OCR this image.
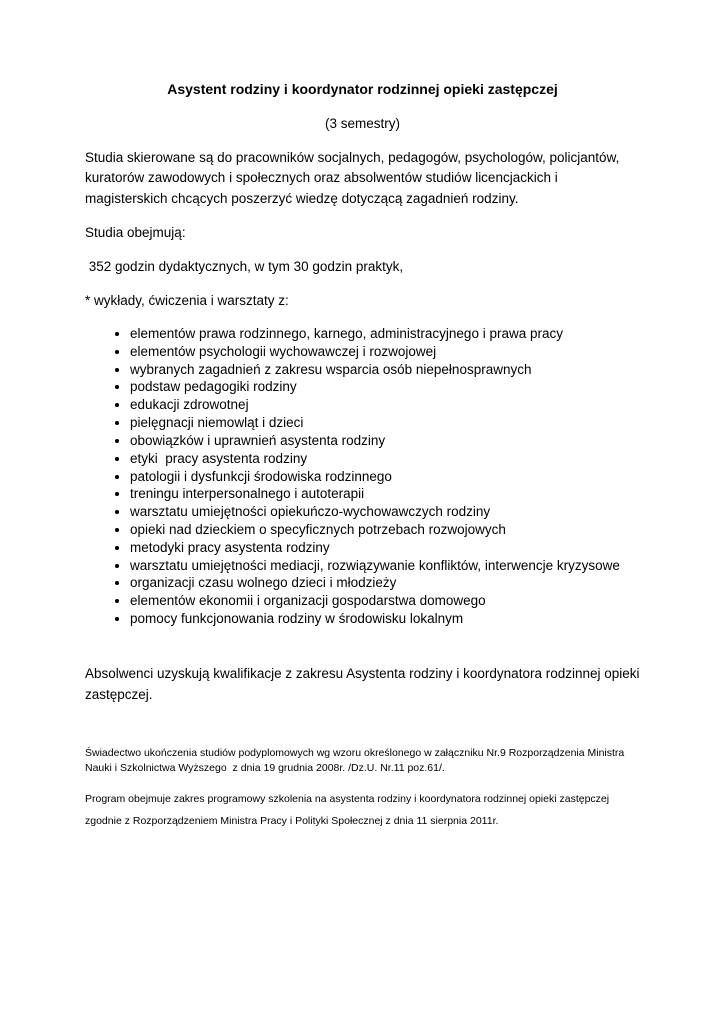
Asystent rodziny i koordynator rodzinnej opieki zastępczej

(3 semestry)

Studia skierowane są do pracowników socjalnych, pedagogów, psychologów, policjantów, kuratorów zawodowych i społecznych oraz absolwentów studiów licencjackich i magisterskich chcących poszerzyć wiedzę dotyczącą zagadnień rodziny.

Studia obejmują:

352 godzin dydaktycznych, w tym 30 godzin praktyk,

* wykłady, ćwiczenia i warsztaty z:

• elementów prawa rodzinnego, karnego, administracyjnego i prawa pracy
• elementów psychologii wychowawczej i rozwojowej
• wybranych zagadnień z zakresu wsparcia osób niepełnosprawnych
• podstaw pedagogiki rodziny
• edukacji zdrowotnej
• pielęgnacji niemowląt i dzieci
• obowiązków i uprawnień asystenta rodziny
• etyki  pracy asystenta rodziny
• patologii i dysfunkcji środowiska rodzinnego
• treningu interpersonalnego i autoterapii
• warsztatu umiejętności opiekuńczo-wychowawczych rodziny
• opieki nad dzieckiem o specyficznych potrzebach rozwojowych
• metodyki pracy asystenta rodziny
• warsztatu umiejętności mediacji, rozwiązywanie konfliktów, interwencje kryzysowe
• organizacji czasu wolnego dzieci i młodzieży
• elementów ekonomii i organizacji gospodarstwa domowego
• pomocy funkcjonowania rodziny w środowisku lokalnym

Absolwenci uzyskują kwalifikacje z zakresu Asystenta rodziny i koordynatora rodzinnej opieki zastępczej.

Świadectwo ukończenia studiów podyplomowych wg wzoru określonego w załączniku Nr.9 Rozporządzenia Ministra Nauki i Szkolnictwa Wyższego  z dnia 19 grudnia 2008r. /Dz.U. Nr.11 poz.61/.

Program obejmuje zakres programowy szkolenia na asystenta rodziny i koordynatora rodzinnej opieki zastępczej zgodnie z Rozporządzeniem Ministra Pracy i Polityki Społecznej z dnia 11 sierpnia 2011r.
